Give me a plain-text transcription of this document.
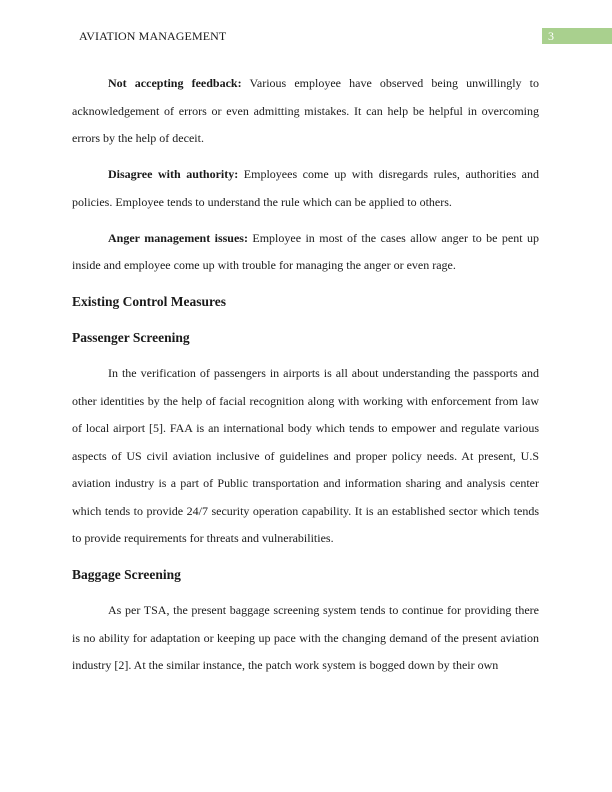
AVIATION MANAGEMENT	3

Not accepting feedback: Various employee have observed being unwillingly to acknowledgement of errors or even admitting mistakes. It can help be helpful in overcoming errors by the help of deceit.

Disagree with authority: Employees come up with disregards rules, authorities and policies. Employee tends to understand the rule which can be applied to others.

Anger management issues: Employee in most of the cases allow anger to be pent up inside and employee come up with trouble for managing the anger or even rage.

Existing Control Measures
Passenger Screening

In the verification of passengers in airports is all about understanding the passports and other identities by the help of facial recognition along with working with enforcement from law of local airport [5]. FAA is an international body which tends to empower and regulate various aspects of US civil aviation inclusive of guidelines and proper policy needs. At present, U.S aviation industry is a part of Public transportation and information sharing and analysis center which tends to provide 24/7 security operation capability. It is an established sector which tends to provide requirements for threats and vulnerabilities.

Baggage Screening

As per TSA, the present baggage screening system tends to continue for providing there is no ability for adaptation or keeping up pace with the changing demand of the present aviation industry [2]. At the similar instance, the patch work system is bogged down by their own
